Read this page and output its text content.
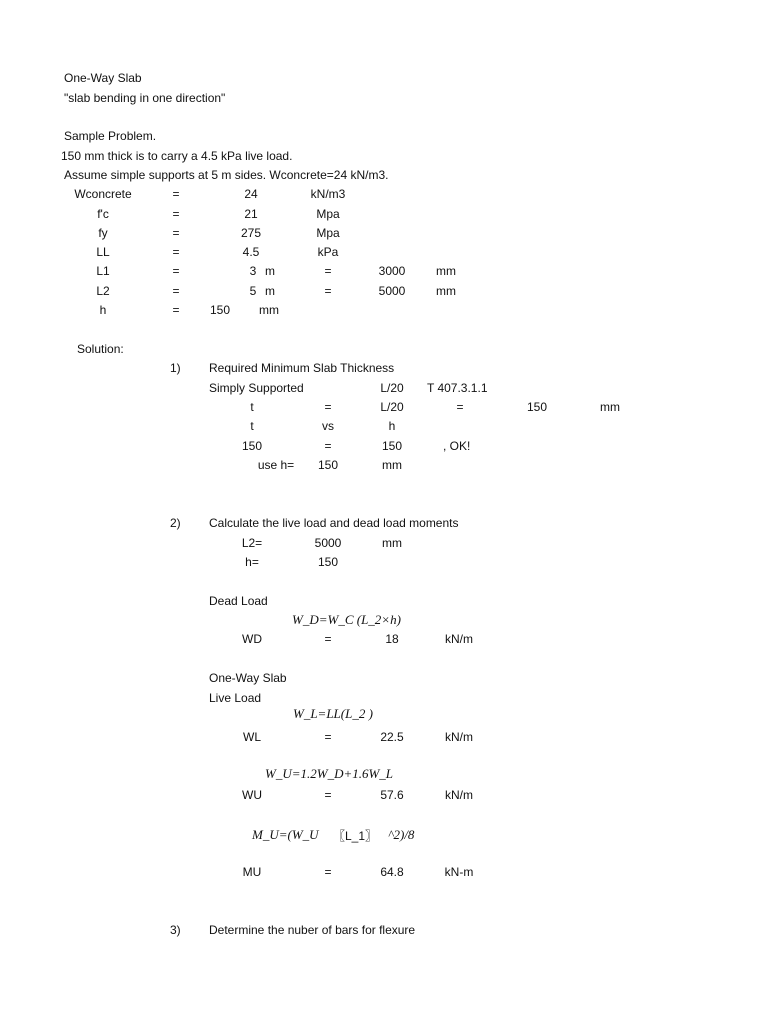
One-Way Slab
"slab bending in one direction"
Sample Problem.
150 mm thick is to carry a 4.5 kPa live load.
Assume simple supports at 5 m sides. Wconcrete=24 kN/m3.
Wconcrete	=	24	kN/m3
f'c	=	21	Mpa
fy	=	275	Mpa
LL	=	4.5	kPa
L1	=	3 m	=	3000	mm
L2	=	5 m	=	5000	mm
h	=	150 mm
Solution:
1) Required Minimum Slab Thickness
Simply Supported	L/20 T 407.3.1.1
t	=	L/20	=	150	mm
t	vs	h
150	=	150	, OK!
use h= 150	mm
2) Calculate the live load and dead load moments
L2=	5000	mm
h=	150
Dead Load
W_D=W_C (L_2×h)
WD	=	18	kN/m
One-Way Slab
Live Load
W_L=LL(L_2 )
WL	=	22.5	kN/m
W_U=1.2W_D+1.6W_L
WU	=	57.6	kN/m
M_U=(W_U 〖L_1〗 ^2)/8
MU	=	64.8	kN-m
3) Determine the nuber of bars for flexure
